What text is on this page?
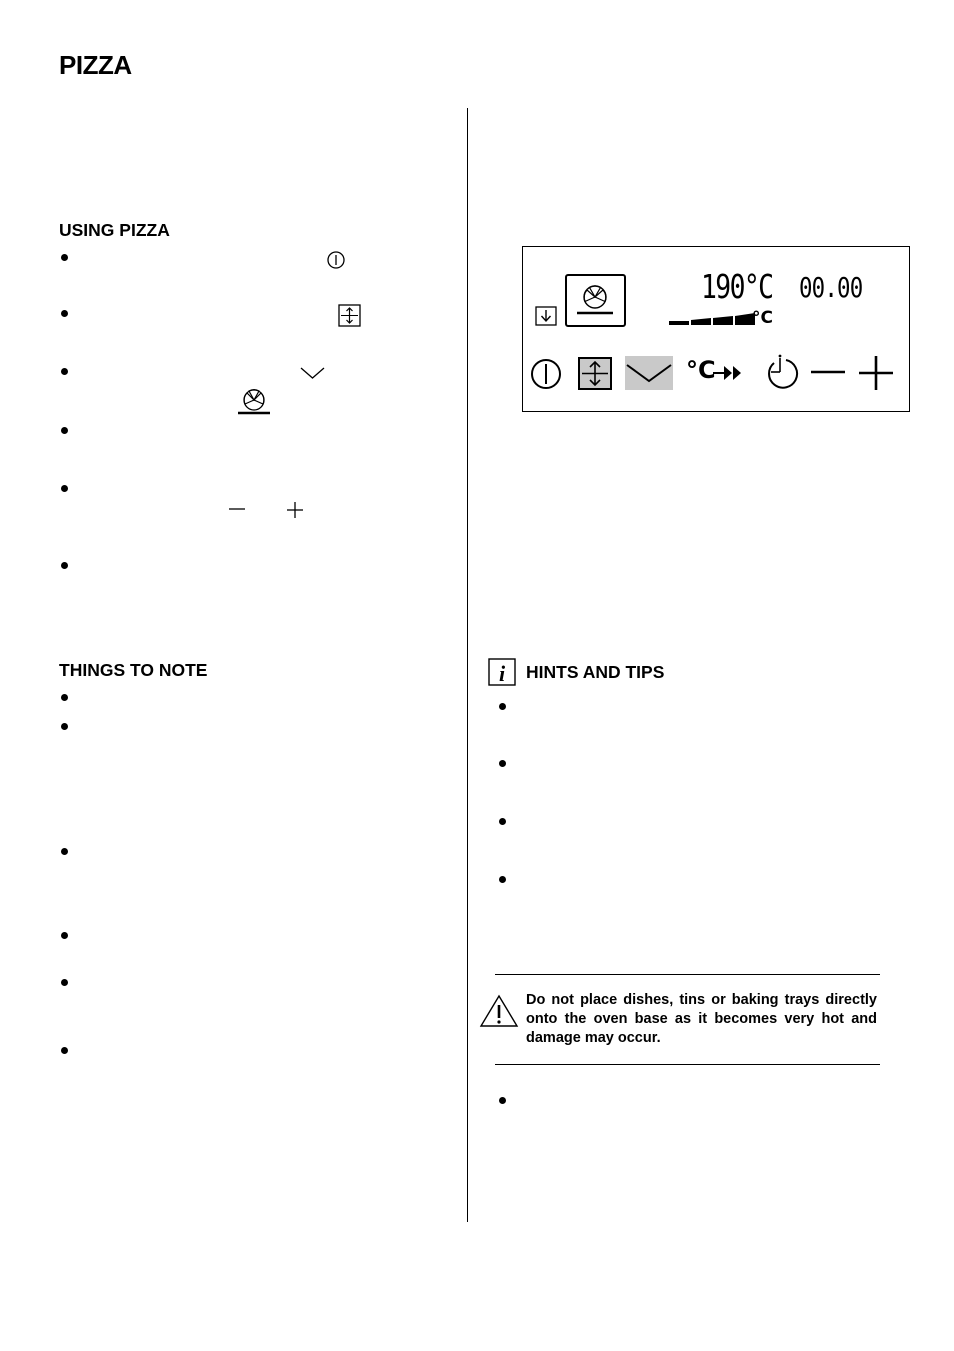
PIZZA
USING PIZZA
THINGS TO NOTE
190°C 00.00
°C
°C
i HINTS AND TIPS
Do not place dishes, tins or baking trays directly onto the oven base as it becomes very hot and damage may occur.
